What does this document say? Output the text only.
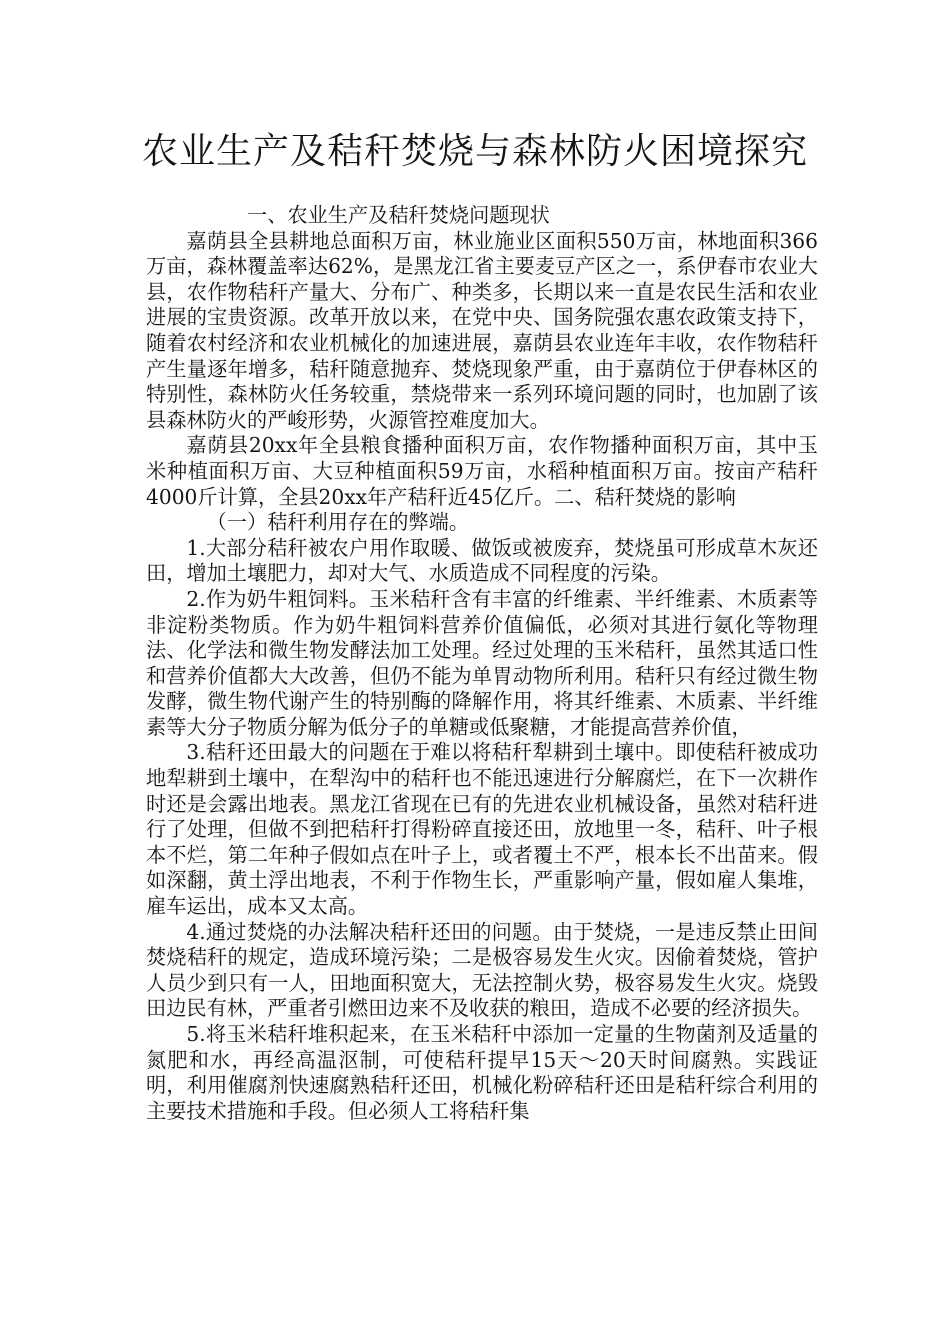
农业生产及秸秆焚烧与森林防火困境探究

一、农业生产及秸秆焚烧问题现状

嘉荫县全县耕地总面积万亩，林业施业区面积550万亩，林地面积366万亩，森林覆盖率达62%，是黑龙江省主要麦豆产区之一，系伊春市农业大县，农作物秸秆产量大、分布广、种类多，长期以来一直是农民生活和农业进展的宝贵资源。改革开放以来，在党中央、国务院强农惠农政策支持下，随着农村经济和农业机械化的加速进展，嘉荫县农业连年丰收，农作物秸秆产生量逐年增多，秸秆随意抛弃、焚烧现象严重，由于嘉荫位于伊春林区的特别性，森林防火任务较重，禁烧带来一系列环境问题的同时，也加剧了该县森林防火的严峻形势，火源管控难度加大。

嘉荫县20xx年全县粮食播种面积万亩，农作物播种面积万亩，其中玉米种植面积万亩、大豆种植面积59万亩，水稻种植面积万亩。按亩产秸秆4000斤计算，全县20xx年产秸秆近45亿斤。二、秸秆焚烧的影响

（一）秸秆利用存在的弊端。

1.大部分秸秆被农户用作取暖、做饭或被废弃，焚烧虽可形成草木灰还田，增加土壤肥力，却对大气、水质造成不同程度的污染。

2.作为奶牛粗饲料。玉米秸秆含有丰富的纤维素、半纤维素、木质素等非淀粉类物质。作为奶牛粗饲料营养价值偏低，必须对其进行氨化等物理法、化学法和微生物发酵法加工处理。经过处理的玉米秸秆，虽然其适口性和营养价值都大大改善，但仍不能为单胃动物所利用。秸秆只有经过微生物发酵，微生物代谢产生的特别酶的降解作用，将其纤维素、木质素、半纤维素等大分子物质分解为低分子的单糖或低聚糖，才能提高营养价值，

3.秸秆还田最大的问题在于难以将秸秆犁耕到土壤中。即使秸秆被成功地犁耕到土壤中，在犁沟中的秸秆也不能迅速进行分解腐烂，在下一次耕作时还是会露出地表。黑龙江省现在已有的先进农业机械设备，虽然对秸秆进行了处理，但做不到把秸秆打得粉碎直接还田，放地里一冬，秸秆、叶子根本不烂，第二年种子假如点在叶子上，或者覆土不严，根本长不出苗来。假如深翻，黄土浮出地表，不利于作物生长，严重影响产量，假如雇人集堆，雇车运出，成本又太高。

4.通过焚烧的办法解决秸秆还田的问题。由于焚烧，一是违反禁止田间焚烧秸秆的规定，造成环境污染；二是极容易发生火灾。因偷着焚烧，管护人员少到只有一人，田地面积宽大，无法控制火势，极容易发生火灾。烧毁田边民有林，严重者引燃田边来不及收获的粮田，造成不必要的经济损失。

5.将玉米秸秆堆积起来，在玉米秸秆中添加一定量的生物菌剂及适量的氮肥和水，再经高温沤制，可使秸秆提早15天～20天时间腐熟。实践证明，利用催腐剂快速腐熟秸秆还田，机械化粉碎秸秆还田是秸秆综合利用的主要技术措施和手段。但必须人工将秸秆集
